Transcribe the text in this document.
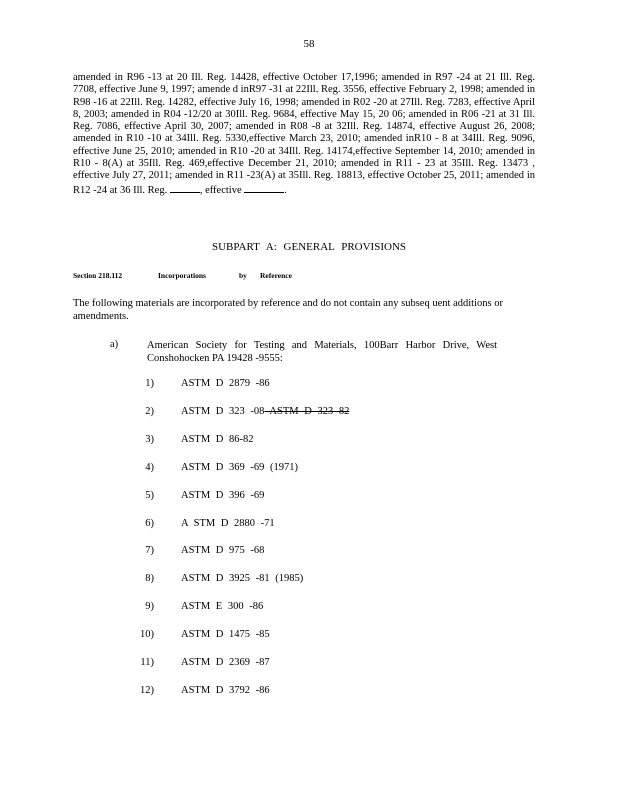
58
amended in R96 -13 at 20 Ill. Reg. 14428, effective October 17,1996; amended in R97 -24 at 21 Ill. Reg. 7708, effective June 9, 1997; amende d inR97 -31 at 22Ill. Reg. 3556, effective February 2, 1998; amended in R98 -16 at 22Ill. Reg. 14282, effective July 16, 1998; amended in R02 -20 at 27Ill. Reg. 7283, effective April 8, 2003; amended in R04 -12/20 at 30Ill. Reg. 9684, effective May 15, 20 06; amended in R06 -21 at 31 Ill. Reg. 7086, effective April 30, 2007; amended in R08 -8 at 32Ill. Reg. 14874, effective August 26, 2008; amended in R10 -10 at 34Ill. Reg. 5330,effective March 23, 2010; amended inR10 - 8 at 34Ill. Reg. 9096, effective June 25, 2010; amended in R10 -20 at 34Ill. Reg. 14174,effective September 14, 2010; amended in R10 - 8(A) at 35Ill. Reg. 469,effective December 21, 2010; amended in R11 - 23 at 35Ill. Reg. 13473 , effective July 27, 2011; amended in R11 -23(A) at 35Ill. Reg. 18813, effective October 25, 2011; amended in R12 -24 at 36 Ill. Reg.	, effective	.
SUBPART A: GENERAL PROVISIONS
Section 218.112	Incorporations	by Reference
The following materials are incorporated by reference and do not contain any subseq uent additions or amendments.
a)	American Society for Testing and Materials, 100Barr Harbor Drive, West Conshohocken PA 19428 -9555:
1)	ASTM D 2879 -86
2)	ASTM D 323 -08 ASTM D 323 82
3)	ASTM D 86-82
4)	ASTM D 369 -69 (1971)
5)	ASTM D 396 -69
6)	A STM D 2880 -71
7)	ASTM D 975 -68
8)	ASTM D 3925 -81 (1985)
9)	ASTM E 300 -86
10)	ASTM D 1475 -85
11)	ASTM D 2369 -87
12)	ASTM D 3792 -86
